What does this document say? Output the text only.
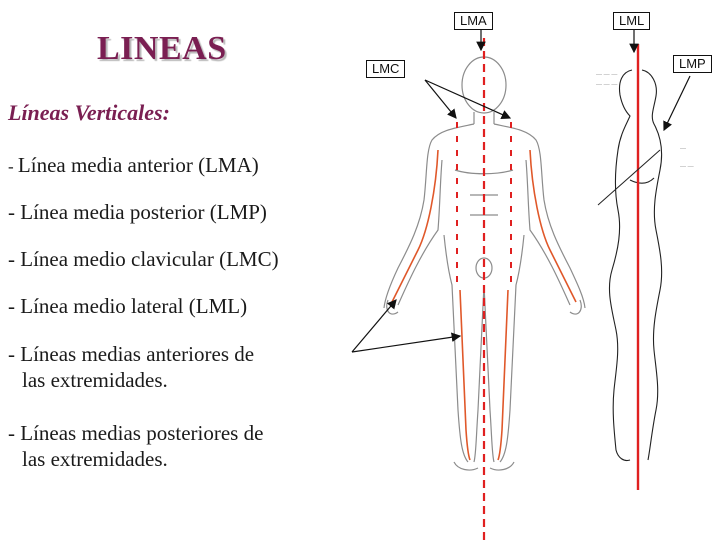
LINEAS
Líneas Verticales:
- Línea media anterior (LMA)
- Línea media posterior (LMP)
- Línea medio clavicular (LMC)
- Línea medio lateral (LML)
- Líneas medias anteriores de
las extremidades.
- Líneas medias posteriores de
las extremidades.
— — —
— — —
—
— —
LMA	LML
LMC	LMP
